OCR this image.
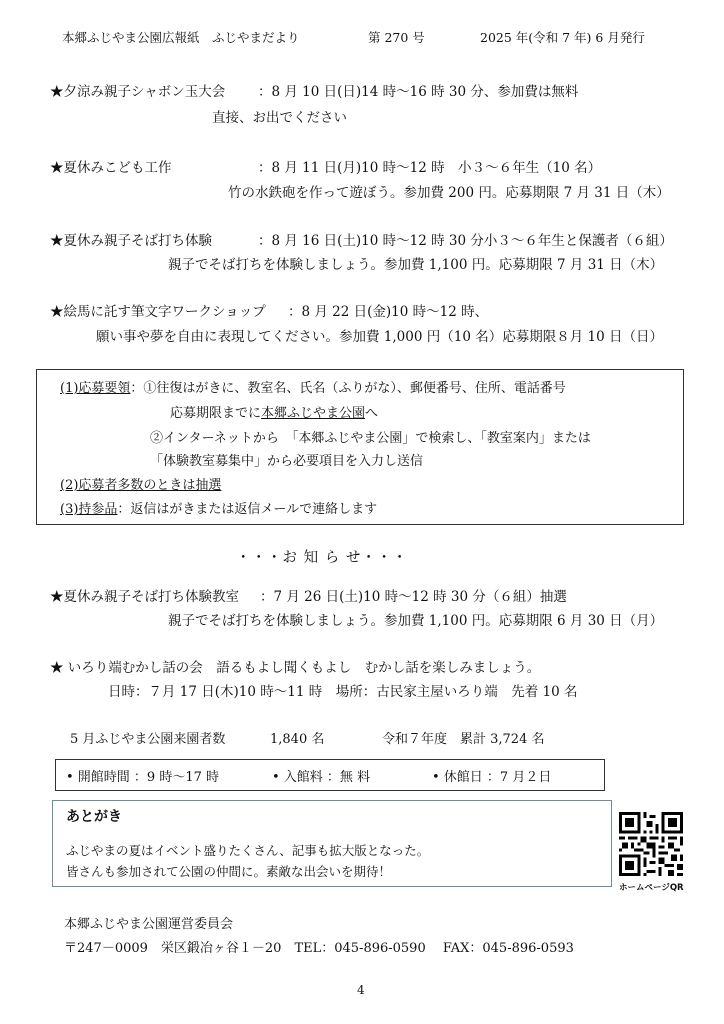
本郷ふじやま公園広報紙　ふじやまだより	第 270 号	2025 年(令和 7 年) 6 月発行
★夕涼み親子シャボン玉大会 ：8 月 10 日(日)14 時～16 時 30 分、参加費は無料
直接、お出でください
★夏休みこども工作	：8 月 11 日(月)10 時～12 時　小３～６年生（10 名）
竹の水鉄砲を作って遊ぼう。参加費 200 円。応募期限 7 月 31 日（木）
★夏休み親子そば打ち体験	：8 月 16 日(土)10 時～12 時 30 分小３～６年生と保護者（６組）
親子でそば打ちを体験しましょう。参加費 1,100 円。応募期限 7 月 31 日（木）
★絵馬に託す筆文字ワークショップ ：8 月 22 日(金)10 時～12 時、
願い事や夢を自由に表現してください。参加費 1,000 円（10 名）応募期限８月 10 日（日）
(1)応募要領：①往復はがきに、教室名、氏名（ふりがな）、郵便番号、住所、電話番号
応募期限までに本郷ふじやま公園へ
②インターネットから　「本郷ふじやま公園」で検索し、「教室案内」または
「体験教室募集中」から必要項目を入力し送信
(2)応募者多数のときは抽選
(3)持参品：返信はがきまたは返信メールで連絡します
・・・お 知 ら せ・・・
★夏休み親子そば打ち体験教室 ：7 月 26 日(土)10 時～12 時 30 分（６組）抽選
親子でそば打ちを体験しましょう。参加費 1,100 円。応募期限 6 月 30 日（月）
★ いろり端むかし話の会　語るもよし聞くもよし　むかし話を楽しみましょう。
日時：７月 17 日(木)10 時～11 時　場所：古民家主屋いろり端　先着 10 名
5 月ふじやま公園来園者数	1,840 名	令和７年度　累計 3,724 名
• 開館時間 ：9 時～17 時	• 入館料 ：無 料	• 休館日 ：7 月２日
あとがき
ふじやまの夏はイベント盛りたくさん、記事も拡大版となった。
皆さんも参加されて公園の仲間に。素敵な出会いを期待！
ホームページQR
本郷ふじやま公園運営委員会
〒247－0009　栄区鍛冶ヶ谷１－20　TEL：045-896-0590　 FAX：045-896-0593
4
